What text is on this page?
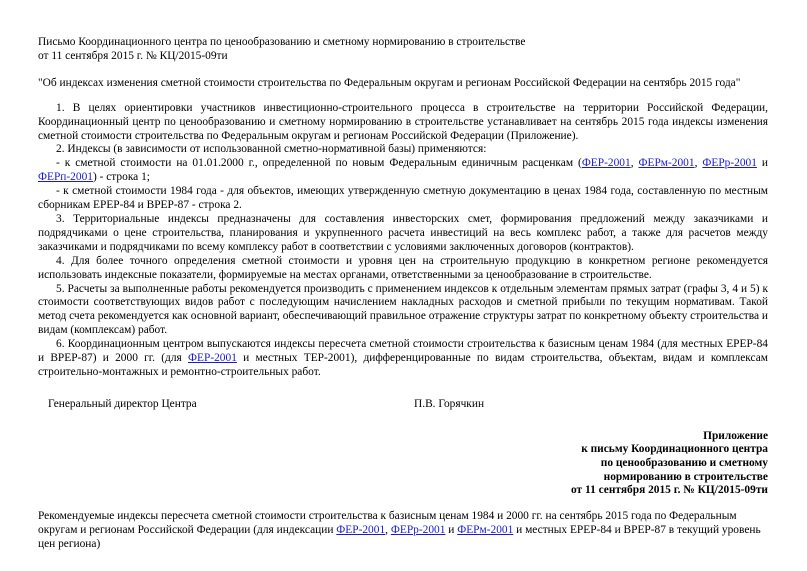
Письмо Координационного центра по ценообразованию и сметному нормированию в строительстве
от 11 сентября 2015 г. № КЦ/2015-09ти
"Об индексах изменения сметной стоимости строительства по Федеральным округам и регионам Российской Федерации на сентябрь 2015 года"

1. В целях ориентировки участников инвестиционно-строительного процесса в строительстве на территории Российской Федерации, Координационный центр по ценообразованию и сметному нормированию в строительстве устанавливает на сентябрь 2015 года индексы изменения сметной стоимости строительства по Федеральным округам и регионам Российской Федерации (Приложение).

2. Индексы (в зависимости от использованной сметно-нормативной базы) применяются:

- к сметной стоимости на 01.01.2000 г., определенной по новым Федеральным единичным расценкам (ФЕР-2001, ФЕРм-2001, ФЕРр-2001 и ФЕРп-2001) - строка 1;

- к сметной стоимости 1984 года - для объектов, имеющих утвержденную сметную документацию в ценах 1984 года, составленную по местным сборникам ЕРЕР-84 и ВРЕР-87 - строка 2.

3. Территориальные индексы предназначены для составления инвесторских смет, формирования предложений между заказчиками и подрядчиками о цене строительства, планирования и укрупненного расчета инвестиций на весь комплекс работ, а также для расчетов между заказчиками и подрядчиками по всему комплексу работ в соответствии с условиями заключенных договоров (контрактов).

4. Для более точного определения сметной стоимости и уровня цен на строительную продукцию в конкретном регионе рекомендуется использовать индексные показатели, формируемые на местах органами, ответственными за ценообразование в строительстве.

5. Расчеты за выполненные работы рекомендуется производить с применением индексов к отдельным элементам прямых затрат (графы 3, 4 и 5) к стоимости соответствующих видов работ с последующим начислением накладных расходов и сметной прибыли по текущим нормативам. Такой метод счета рекомендуется как основной вариант, обеспечивающий правильное отражение структуры затрат по конкретному объекту строительства и видам (комплексам) работ.

6. Координационным центром выпускаются индексы пересчета сметной стоимости строительства к базисным ценам 1984 (для местных ЕРЕР-84 и ВРЕР-87) и 2000 гг. (для ФЕР-2001 и местных ТЕР-2001), дифференцированные по видам строительства, объектам, видам и комплексам строительно-монтажных и ремонтно-строительных работ.

Генеральный директор Центра	П.В. Горячкин
Приложение
к письму Координационного центра
по ценообразованию и сметному
нормированию в строительстве
от 11 сентября 2015 г. № КЦ/2015-09ти
Рекомендуемые индексы пересчета сметной стоимости строительства к базисным ценам 1984 и 2000 гг. на сентябрь 2015 года по Федеральным округам и регионам Российской Федерации (для индексации ФЕР-2001, ФЕРр-2001 и ФЕРм-2001 и местных ЕРЕР-84 и ВРЕР-87 в текущий уровень цен региона)
